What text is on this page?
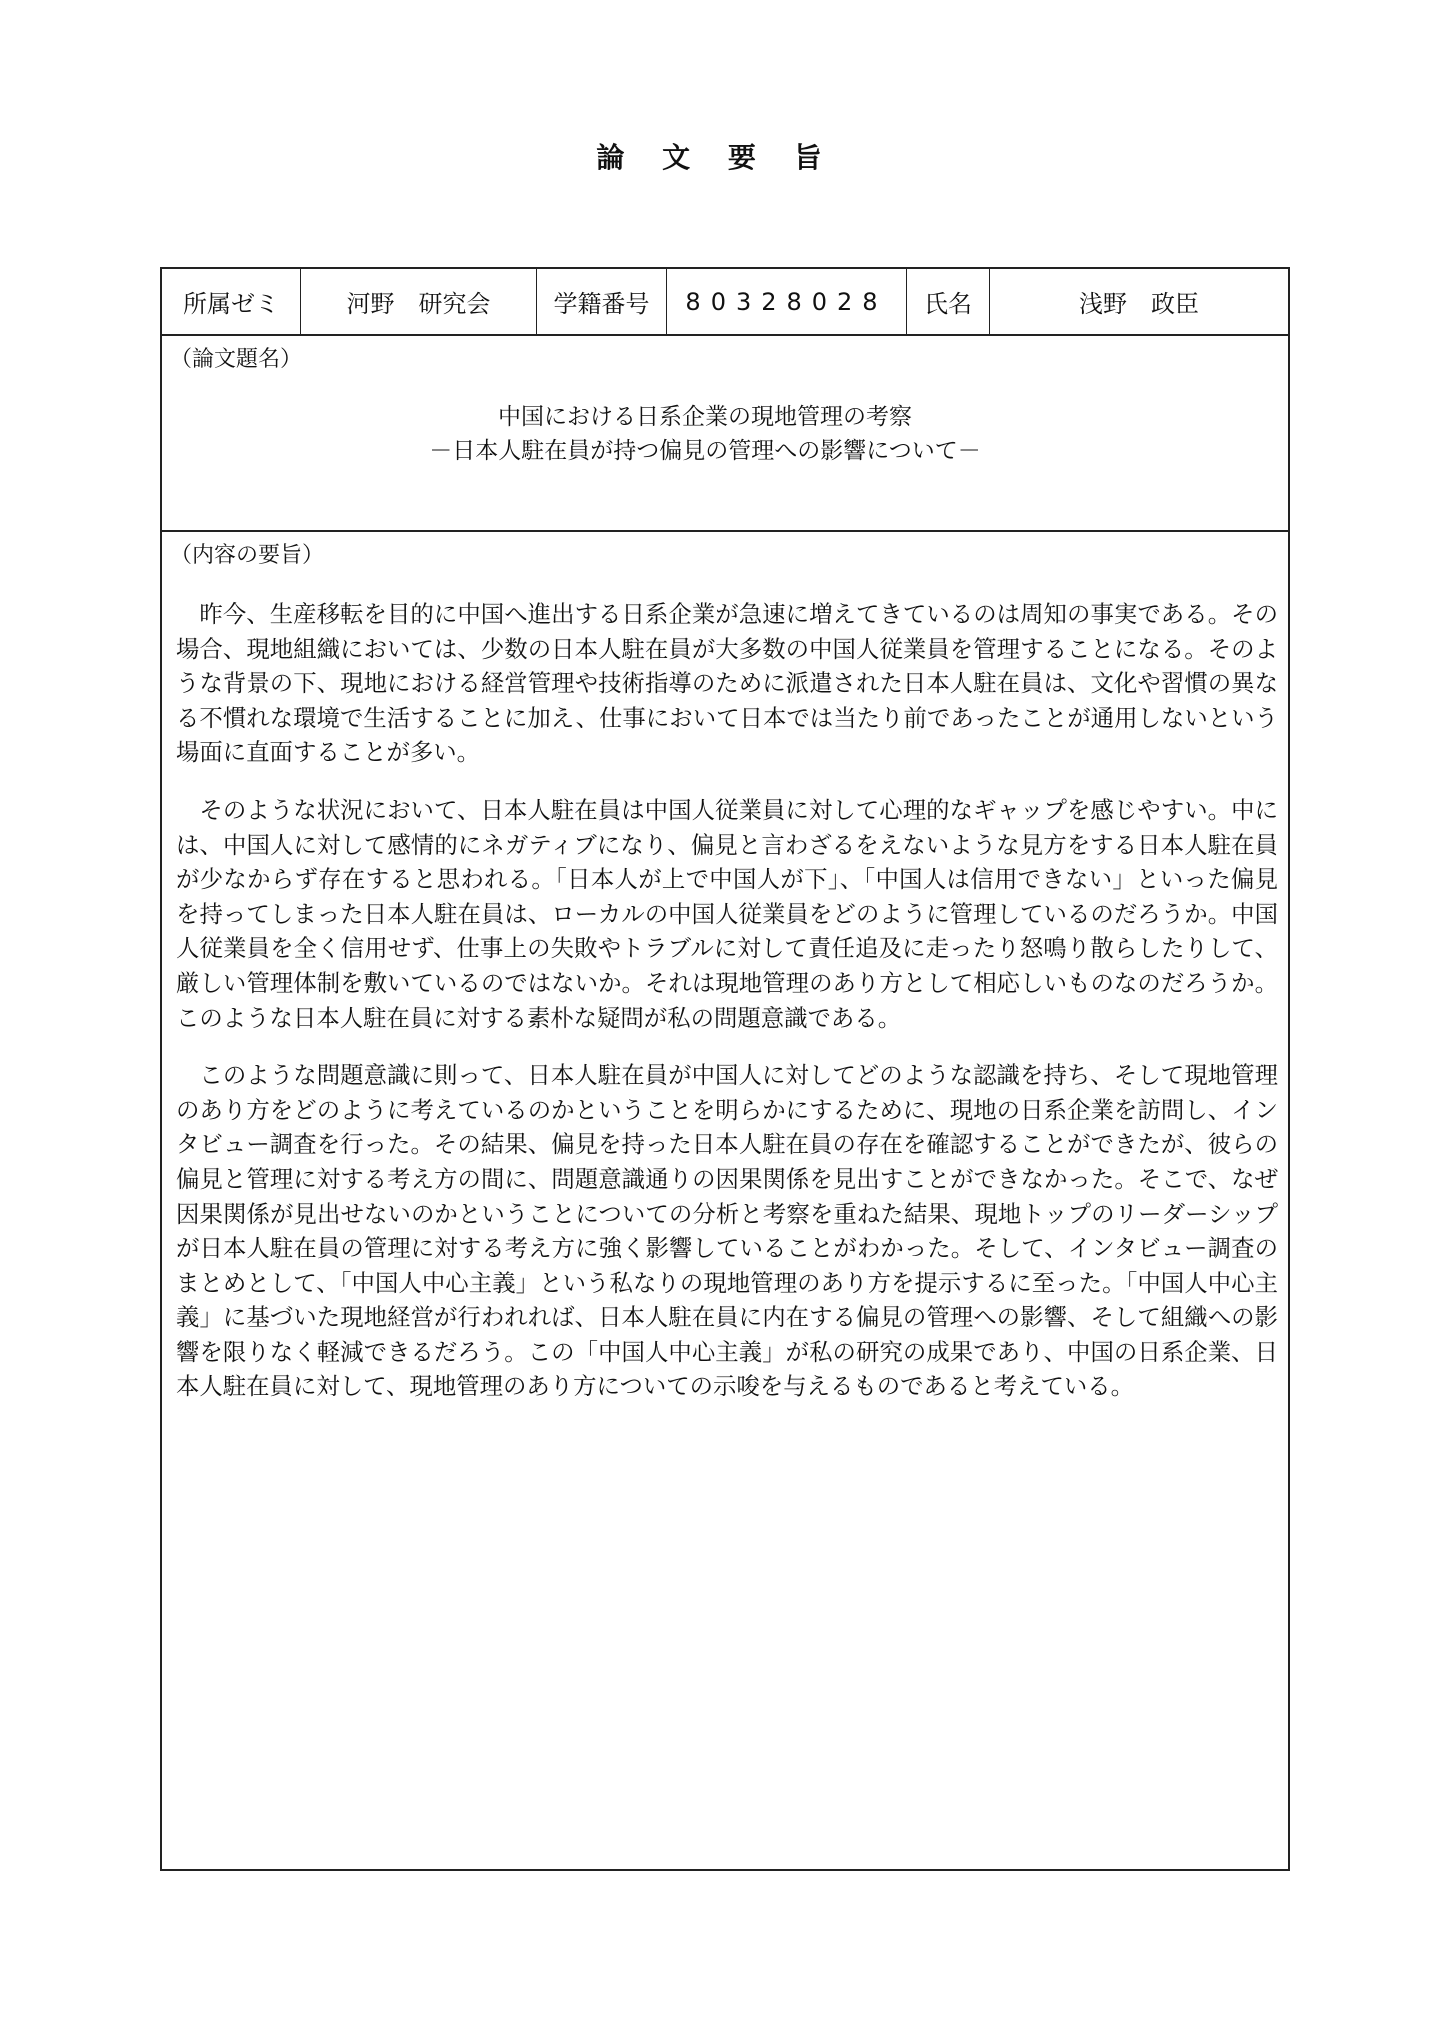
論 文 要 旨
所属ゼミ	河野　研究会	学籍番号	80328028	氏名	浅野　政臣
（論文題名）
中国における日系企業の現地管理の考察
－日本人駐在員が持つ偏見の管理への影響について－
（内容の要旨）

昨今、生産移転を目的に中国へ進出する日系企業が急速に増えてきているのは周知の事実である。その場合、現地組織においては、少数の日本人駐在員が大多数の中国人従業員を管理することになる。そのような背景の下、現地における経営管理や技術指導のために派遣された日本人駐在員は、文化や習慣の異なる不慣れな環境で生活することに加え、仕事において日本では当たり前であったことが通用しないという場面に直面することが多い。

そのような状況において、日本人駐在員は中国人従業員に対して心理的なギャップを感じやすい。中には、中国人に対して感情的にネガティブになり、偏見と言わざるをえないような見方をする日本人駐在員が少なからず存在すると思われる。「日本人が上で中国人が下」、「中国人は信用できない」といった偏見を持ってしまった日本人駐在員は、ローカルの中国人従業員をどのように管理しているのだろうか。中国人従業員を全く信用せず、仕事上の失敗やトラブルに対して責任追及に走ったり怒鳴り散らしたりして、厳しい管理体制を敷いているのではないか。それは現地管理のあり方として相応しいものなのだろうか。このような日本人駐在員に対する素朴な疑問が私の問題意識である。

このような問題意識に則って、日本人駐在員が中国人に対してどのような認識を持ち、そして現地管理のあり方をどのように考えているのかということを明らかにするために、現地の日系企業を訪問し、インタビュー調査を行った。その結果、偏見を持った日本人駐在員の存在を確認することができたが、彼らの偏見と管理に対する考え方の間に、問題意識通りの因果関係を見出すことができなかった。そこで、なぜ因果関係が見出せないのかということについての分析と考察を重ねた結果、現地トップのリーダーシップが日本人駐在員の管理に対する考え方に強く影響していることがわかった。そして、インタビュー調査のまとめとして、「中国人中心主義」という私なりの現地管理のあり方を提示するに至った。「中国人中心主義」に基づいた現地経営が行われれば、日本人駐在員に内在する偏見の管理への影響、そして組織への影響を限りなく軽減できるだろう。この「中国人中心主義」が私の研究の成果であり、中国の日系企業、日本人駐在員に対して、現地管理のあり方についての示唆を与えるものであると考えている。
